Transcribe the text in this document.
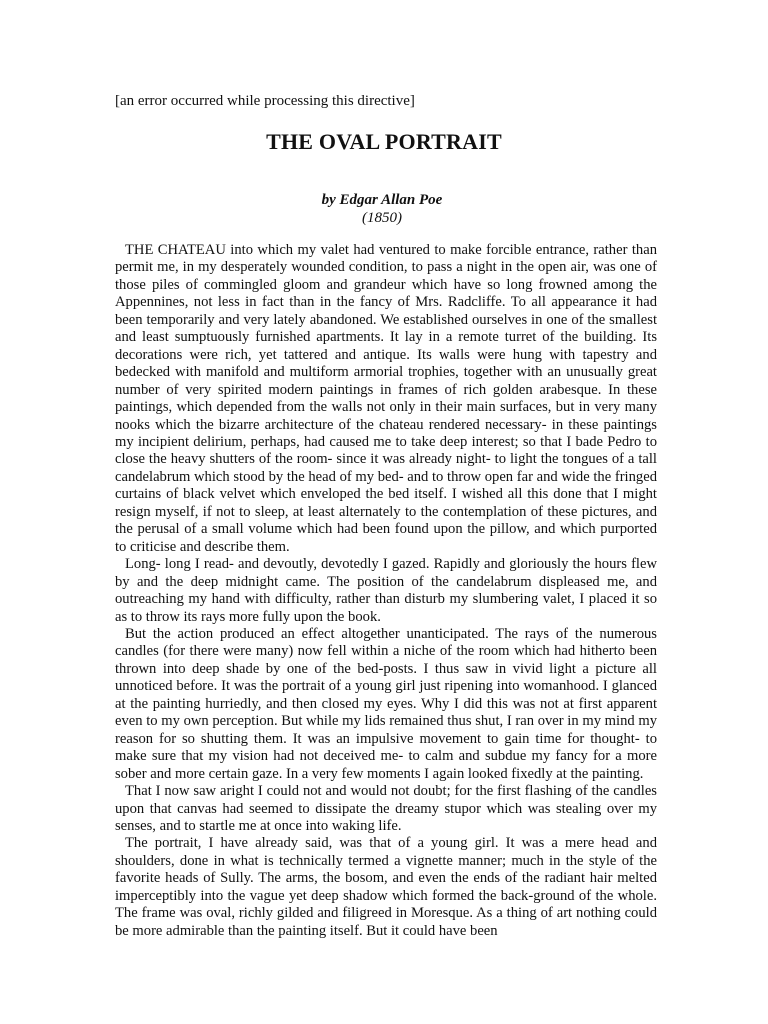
[an error occurred while processing this directive]
THE OVAL PORTRAIT
by Edgar Allan Poe
(1850)

THE CHATEAU into which my valet had ventured to make forcible entrance, rather than permit me, in my desperately wounded condition, to pass a night in the open air, was one of those piles of commingled gloom and grandeur which have so long frowned among the Appennines, not less in fact than in the fancy of Mrs. Radcliffe. To all appearance it had been temporarily and very lately abandoned. We established ourselves in one of the smallest and least sumptuously furnished apartments. It lay in a remote turret of the building. Its decorations were rich, yet tattered and antique. Its walls were hung with tapestry and bedecked with manifold and multiform armorial trophies, together with an unusually great number of very spirited modern paintings in frames of rich golden arabesque. In these paintings, which depended from the walls not only in their main surfaces, but in very many nooks which the bizarre architecture of the chateau rendered necessary- in these paintings my incipient delirium, perhaps, had caused me to take deep interest; so that I bade Pedro to close the heavy shutters of the room- since it was already night- to light the tongues of a tall candelabrum which stood by the head of my bed- and to throw open far and wide the fringed curtains of black velvet which enveloped the bed itself. I wished all this done that I might resign myself, if not to sleep, at least alternately to the contemplation of these pictures, and the perusal of a small volume which had been found upon the pillow, and which purported to criticise and describe them.

Long- long I read- and devoutly, devotedly I gazed. Rapidly and gloriously the hours flew by and the deep midnight came. The position of the candelabrum displeased me, and outreaching my hand with difficulty, rather than disturb my slumbering valet, I placed it so as to throw its rays more fully upon the book.

But the action produced an effect altogether unanticipated. The rays of the numerous candles (for there were many) now fell within a niche of the room which had hitherto been thrown into deep shade by one of the bed-posts. I thus saw in vivid light a picture all unnoticed before. It was the portrait of a young girl just ripening into womanhood. I glanced at the painting hurriedly, and then closed my eyes. Why I did this was not at first apparent even to my own perception. But while my lids remained thus shut, I ran over in my mind my reason for so shutting them. It was an impulsive movement to gain time for thought- to make sure that my vision had not deceived me- to calm and subdue my fancy for a more sober and more certain gaze. In a very few moments I again looked fixedly at the painting.

That I now saw aright I could not and would not doubt; for the first flashing of the candles upon that canvas had seemed to dissipate the dreamy stupor which was stealing over my senses, and to startle me at once into waking life.

The portrait, I have already said, was that of a young girl. It was a mere head and shoulders, done in what is technically termed a vignette manner; much in the style of the favorite heads of Sully. The arms, the bosom, and even the ends of the radiant hair melted imperceptibly into the vague yet deep shadow which formed the back-ground of the whole. The frame was oval, richly gilded and filigreed in Moresque. As a thing of art nothing could be more admirable than the painting itself. But it could have been
